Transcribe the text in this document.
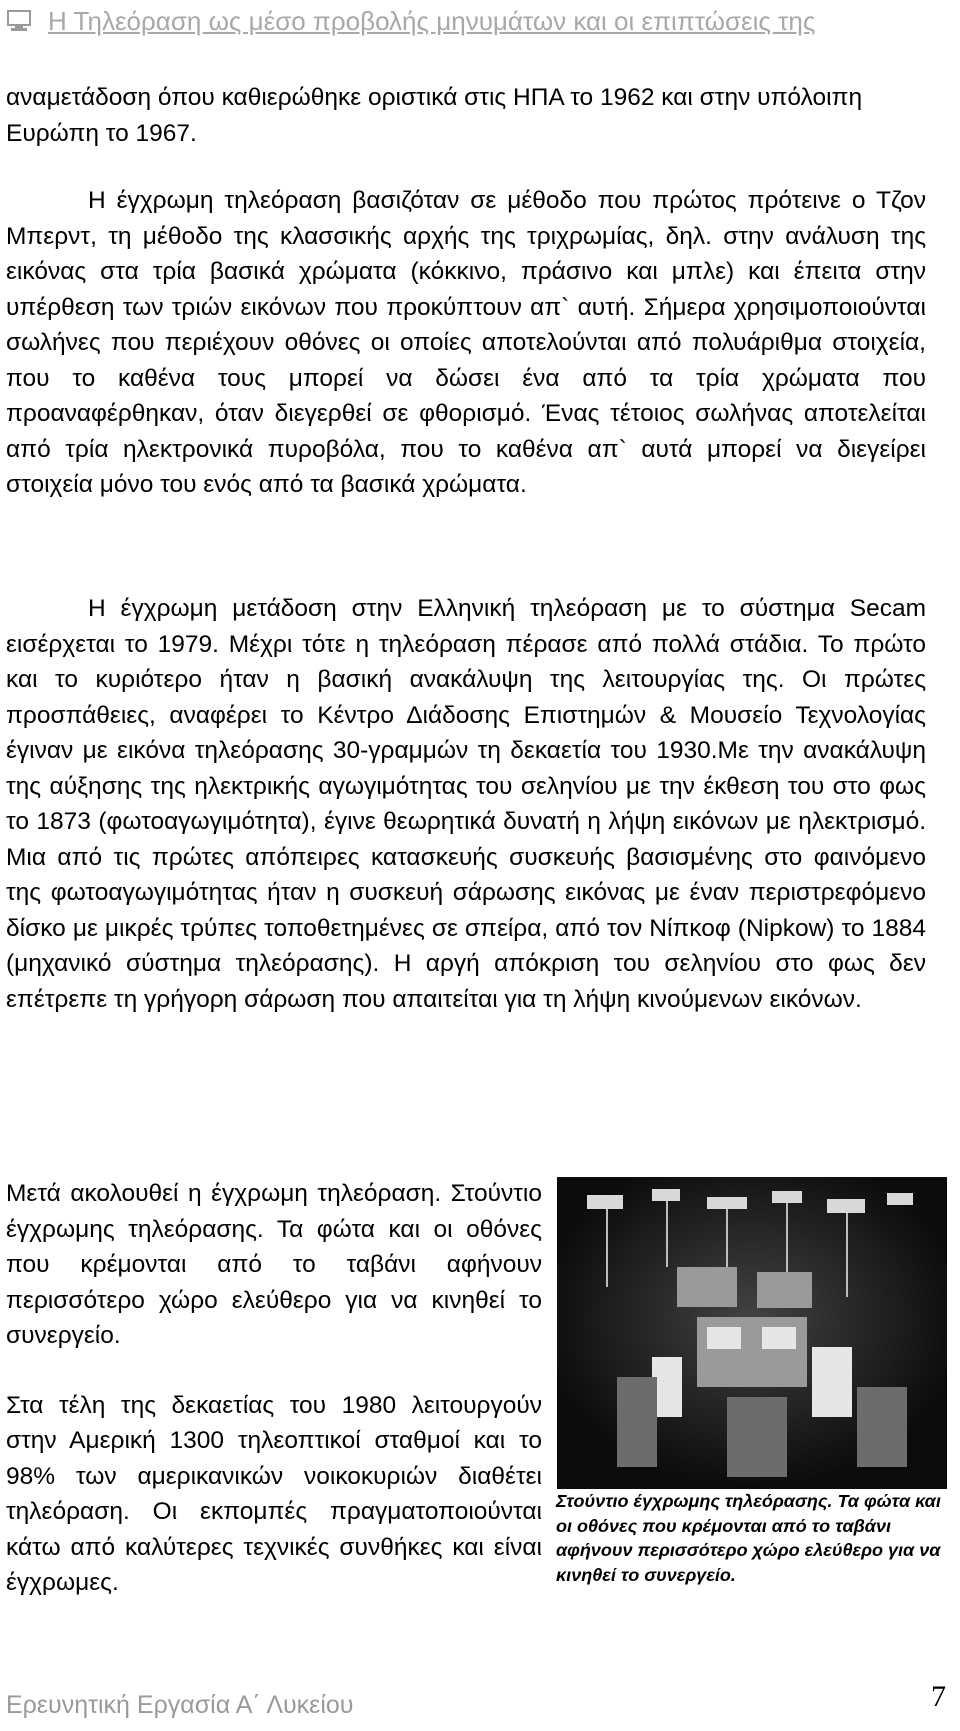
Η Τηλεόραση ως μέσο προβολής μηνυμάτων και οι επιπτώσεις της

αναμετάδοση όπου καθιερώθηκε οριστικά στις ΗΠΑ το 1962 και στην υπόλοιπη Ευρώπη το 1967.

Η έγχρωμη τηλεόραση βασιζόταν σε μέθοδο που πρώτος πρότεινε ο Τζον Μπερντ, τη μέθοδο της κλασσικής αρχής της τριχρωμίας, δηλ. στην ανάλυση της εικόνας στα τρία βασικά χρώματα (κόκκινο, πράσινο και μπλε) και έπειτα στην υπέρθεση των τριών εικόνων που προκύπτουν απ` αυτή. Σήμερα χρησιμοποιούνται σωλήνες που περιέχουν οθόνες οι οποίες αποτελούνται από πολυάριθμα στοιχεία, που το καθένα τους μπορεί να δώσει ένα από τα τρία χρώματα που προαναφέρθηκαν, όταν διεγερθεί σε φθορισμό. Ένας τέτοιος σωλήνας αποτελείται από τρία ηλεκτρονικά πυροβόλα, που το καθένα απ` αυτά μπορεί να διεγείρει στοιχεία μόνο του ενός από τα βασικά χρώματα.

Η έγχρωμη μετάδοση στην Ελληνική τηλεόραση με το σύστημα Secam εισέρχεται το 1979. Μέχρι τότε η τηλεόραση πέρασε από πολλά στάδια. Το πρώτο και το κυριότερο ήταν η βασική ανακάλυψη της λειτουργίας της. Οι πρώτες προσπάθειες, αναφέρει το Κέντρο Διάδοσης Επιστημών & Μουσείο Τεχνολογίας έγιναν με εικόνα τηλεόρασης 30-γραμμών τη δεκαετία του 1930.Με την ανακάλυψη της αύξησης της ηλεκτρικής αγωγιμότητας του σεληνίου με την έκθεση του στο φως το 1873 (φωτοαγωγιμότητα), έγινε θεωρητικά δυνατή η λήψη εικόνων με ηλεκτρισμό. Μια από τις πρώτες απόπειρες κατασκευής συσκευής βασισμένης στο φαινόμενο της φωτοαγωγιμότητας ήταν η συσκευή σάρωσης εικόνας με έναν περιστρεφόμενο δίσκο με μικρές τρύπες τοποθετημένες σε σπείρα, από τον Νίπκοφ (Nipkow) το 1884 (μηχανικό σύστημα τηλεόρασης). Η αργή απόκριση του σεληνίου στο φως δεν επέτρεπε τη γρήγορη σάρωση που απαιτείται για τη λήψη κινούμενων εικόνων.

Μετά ακολουθεί η έγχρωμη τηλεόραση. Στούντιο έγχρωμης τηλεόρασης. Τα φώτα και οι οθόνες που κρέμονται από το ταβάνι αφήνουν περισσότερο χώρο ελεύθερο για να κινηθεί το συνεργείο.

Στα τέλη της δεκαετίας του 1980 λειτουργούν στην Αμερική 1300 τηλεοπτικοί σταθμοί και το 98% των αμερικανικών νοικοκυριών διαθέτει τηλεόραση. Οι εκπομπές πραγματοποιούνται κάτω από καλύτερες τεχνικές συνθήκες και είναι έγχρωμες.

Στούντιο έγχρωμης τηλεόρασης. Τα φώτα και οι οθόνες που κρέμονται από το ταβάνι αφήνουν περισσότερο χώρο ελεύθερο για να κινηθεί το συνεργείο.
Ερευνητική Εργασία Α΄ Λυκείου	7
